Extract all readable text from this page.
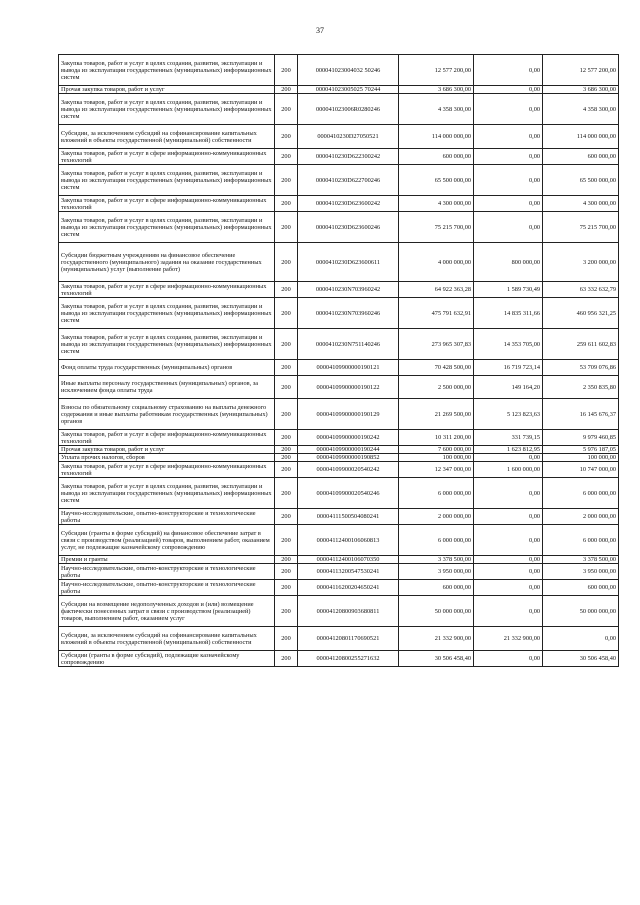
37
Закупка товаров, работ и услуг в целях создания, развития, эксплуатации и вывода из эксплуатации государственных (муниципальных) информационных систем	200	000041023004032 50246	12 577 200,00	0,00	12 577 200,00
Прочая закупка товаров, работ и услуг	200	000041023005025 70244	3 686 300,00	0,00	3 686 300,00
Закупка товаров, работ и услуг в целях создания, развития, эксплуатации и вывода из эксплуатации государственных (муниципальных) информационных систем	200	000041023006R0280246	4 358 300,00	0,00	4 358 300,00
Субсидии, за исключением субсидий на софинансирование капитальных вложений в объекты государственной (муниципальной) собственности	200	0000410230D27050521	114 000 000,00	0,00	114 000 000,00
Закупка товаров, работ и услуг в сфере информационно-коммуникационных технологий	200	0000410230D622300242	600 000,00	0,00	600 000,00
Закупка товаров, работ и услуг в целях создания, развития, эксплуатации и вывода из эксплуатации государственных (муниципальных) информационных систем	200	0000410230D622700246	65 500 000,00	0,00	65 500 000,00
Закупка товаров, работ и услуг в сфере информационно-коммуникационных технологий	200	0000410230D623600242	4 300 000,00	0,00	4 300 000,00
Закупка товаров, работ и услуг в целях создания, развития, эксплуатации и вывода из эксплуатации государственных (муниципальных) информационных систем	200	0000410230D623600246	75 215 700,00	0,00	75 215 700,00
Субсидии бюджетным учреждениям на финансовое обеспечение государственного (муниципального) задания на оказание государственных (муниципальных) услуг (выполнение работ)	200	0000410230D623600611	4 000 000,00	800 000,00	3 200 000,00
Закупка товаров, работ и услуг в сфере информационно-коммуникационных технологий	200	0000410230N703960242	64 922 363,28	1 589 730,49	63 332 632,79
Закупка товаров, работ и услуг в целях создания, развития, эксплуатации и вывода из эксплуатации государственных (муниципальных) информационных систем	200	0000410230N703960246	475 791 632,91	14 835 311,66	460 956 321,25
Закупка товаров, работ и услуг в целях создания, развития, эксплуатации и вывода из эксплуатации государственных (муниципальных) информационных систем	200	0000410230N751140246	273 965 307,83	14 353 705,00	259 611 602,83
Фонд оплаты труда государственных (муниципальных) органов	200	00004109900000190121	70 428 500,00	16 719 723,14	53 709 076,86
Иные выплаты персоналу государственных (муниципальных) органов, за исключением фонда оплаты труда	200	00004109900000190122	2 500 000,00	149 164,20	2 350 835,80
Взносы по обязательному социальному страхованию на выплаты денежного содержания и иные выплаты работникам государственных (муниципальных) органов	200	00004109900000190129	21 269 500,00	5 123 823,63	16 145 676,37
Закупка товаров, работ и услуг в сфере информационно-коммуникационных технологий	200	00004109900000190242	10 311 200,00	331 739,15	9 979 460,85
Прочая закупка товаров, работ и услуг	200	00004109900000190244	7 600 000,00	1 623 812,95	5 976 187,05
Уплата прочих налогов, сборов	200	00004109900000190852	100 000,00	0,00	100 000,00
Закупка товаров, работ и услуг в сфере информационно-коммуникационных технологий	200	00004109900020540242	12 347 000,00	1 600 000,00	10 747 000,00
Закупка товаров, работ и услуг в целях создания, развития, эксплуатации и вывода из эксплуатации государственных (муниципальных) информационных систем	200	00004109900020540246	6 000 000,00	0,00	6 000 000,00
Научно-исследовательские, опытно-конструкторские и технологические работы	200	00004111500504080241	2 000 000,00	0,00	2 000 000,00
Субсидии (гранты в форме субсидий) на финансовое обеспечение затрат в связи с производством (реализацией) товаров, выполнением работ, оказанием услуг, не подлежащие казначейскому сопровождению	200	00004112400106060813	6 000 000,00	0,00	6 000 000,00
Премии и гранты	200	00004112400106070350	3 378 500,00	0,00	3 378 500,00
Научно-исследовательские, опытно-конструкторские и технологические работы	200	00004113200547530241	3 950 000,00	0,00	3 950 000,00
Научно-исследовательские, опытно-конструкторские и технологические работы	200	00004116200204650241	600 000,00	0,00	600 000,00
Субсидии на возмещение недополученных доходов и (или) возмещение фактически понесенных затрат в связи с производством (реализацией) товаров, выполнением работ, оказанием услуг	200	00004120800903680811	50 000 000,00	0,00	50 000 000,00
Субсидии, за исключением субсидий на софинансирование капитальных вложений в объекты государственной (муниципальной) собственности	200	00004120801170690521	21 332 900,00	21 332 900,00	0,00
Субсидии (гранты в форме субсидий), подлежащие казначейскому сопровождению	200	00004120800255271632	30 506 458,40	0,00	30 506 458,40
